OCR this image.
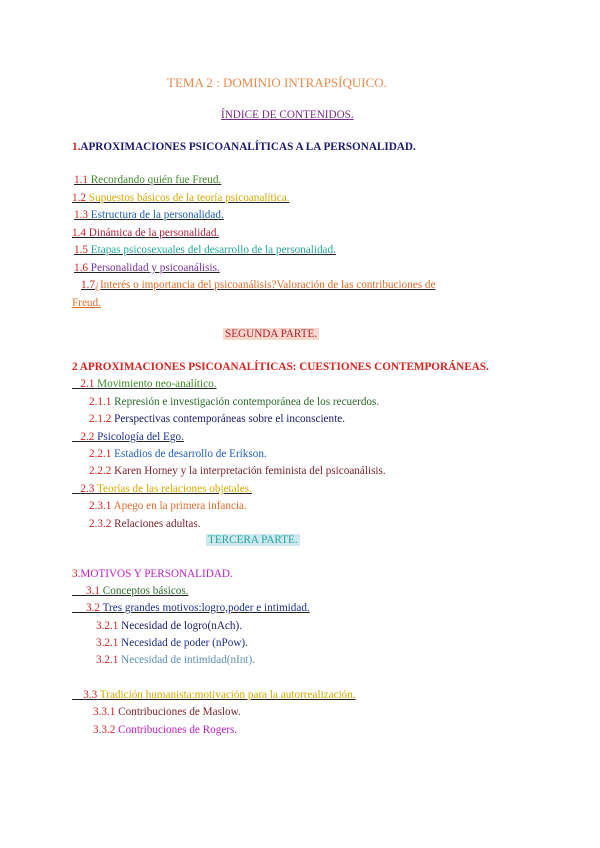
TEMA 2 : DOMINIO INTRAPSÍQUICO.
ÍNDICE DE CONTENIDOS.
1.APROXIMACIONES PSICOANALÍTICAS A LA PERSONALIDAD.
1.1 Recordando quién fue Freud.
1.2 Supuestos básicos de la teoría psicoanalítica.
1.3 Estructura de la personalidad.
1.4 Dinámica de la personalidad.
1.5 Etapas psicosexuales del desarrollo de la personalidad.
1.6 Personalidad y psicoanálisis.
1.7¿Interés o importancia del psicoanálisis?Valoración de las contribuciones de
Freud.
SEGUNDA PARTE.
2 APROXIMACIONES PSICOANALÍTICAS: CUESTIONES CONTEMPORÁNEAS.
2.1 Movimiento neo-analítico.
2.1.1 Represión e investigación contemporánea de los recuerdos.
2.1.2 Perspectivas contemporáneas sobre el inconsciente.
2.2 Psicología del Ego.
2.2.1 Estadios de desarrollo de Erikson.
2.2.2 Karen Horney y la interpretación feminista del psicoanálisis.
2.3 Teorías de las relaciones objetales.
2.3.1 Apego en la primera infancia.
2.3.2 Relaciones adultas.
TERCERA PARTE.
3.MOTIVOS Y PERSONALIDAD.
3.1 Conceptos básicos.
3.2 Tres grandes motivos:logro,poder e intimidad.
3.2.1 Necesidad de logro(nAch).
3.2.1 Necesidad de poder (nPow).
3.2.1 Necesidad de intimidad(nInt).
3.3 Tradición humanista:motivación para la autorrealización.
3.3.1 Contribuciones de Maslow.
3.3.2 Contribuciones de Rogers.
